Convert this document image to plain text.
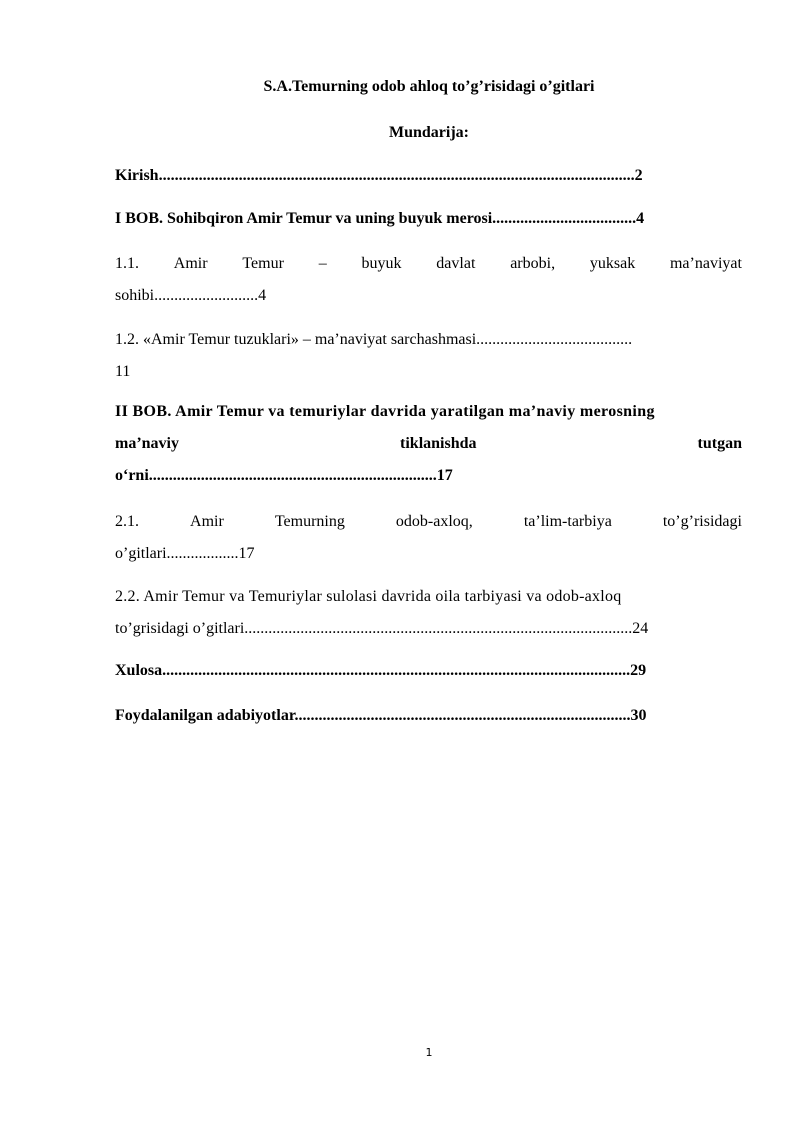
S.A.Temurning odob ahloq to’g’risidagi o’gitlari
Mundarija:

Kirish.......................................................................................................................2

I BOB. Sohibqiron Amir Temur va uning buyuk merosi....................................4

1.1. Amir Temur – buyuk davlat arbobi, yuksak ma’naviyat
sohibi..........................4
1.2. «Amir Temur tuzuklari» – ma’naviyat sarchashmasi.......................................
11
II BOB. Amir Temur va temuriylar davrida yaratilgan ma’naviy merosning
ma’naviy	tiklanishda	tutgan
o‘rni........................................................................17
2.1.	Amir	Temurning	odob-axloq,	ta’lim-tarbiya	to’g’risidagi
o’gitlari..................17
2.2. Amir Temur va Temuriylar sulolasi davrida oila tarbiyasi va odob-axloq
to’grisidagi o’gitlari.................................................................................................24

Xulosa.....................................................................................................................29

Foydalanilgan adabiyotlar....................................................................................30

1
